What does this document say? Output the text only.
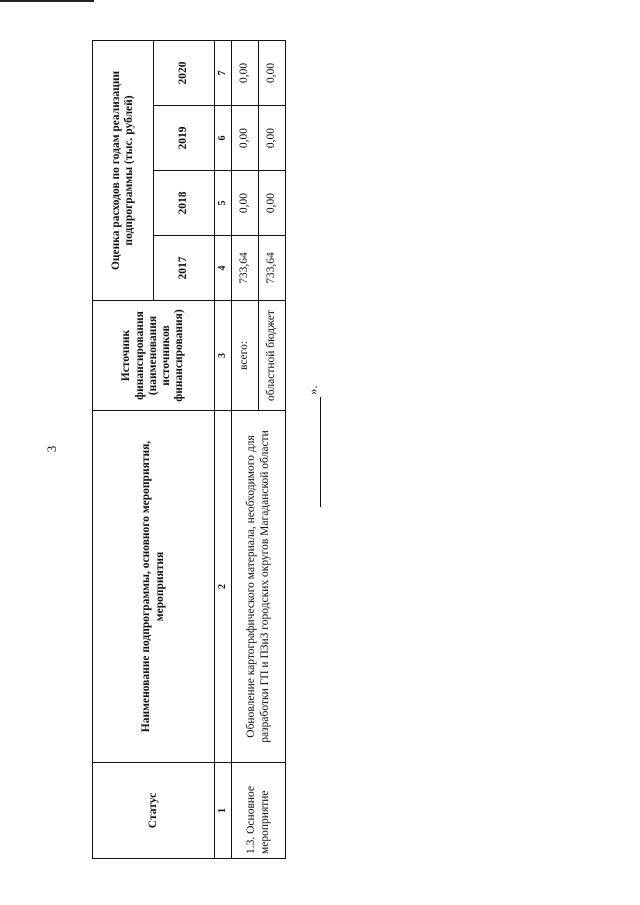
3
Статус	Наименование подпрограммы, основного мероприятия, мероприятия	Источник финансирования (наименования источников финансирования)	Оценка расходов по годам реализации подпрограммы (тыс. рублей)			
			2017	2018	2019	2020
1	2	3	4	5	6	7
1.3. Основное мероприятие	Обновление картографического материала, необходимого для разработки ГП и ПЗиЗ городских округов Магаданской области	всего:	733,64	0,00	0,00	0,00
		областной бюджет	733,64	0,00	0,00	0,00
».
